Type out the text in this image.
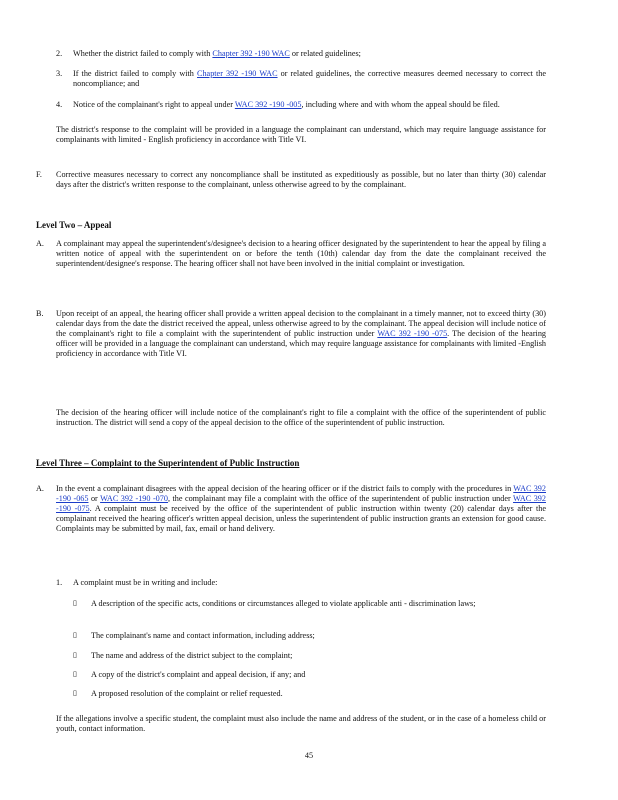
2. Whether the district failed to comply with Chapter 392 -190 WAC or related guidelines;

3. If the district failed to comply with Chapter 392 -190 WAC or related guidelines, the corrective measures deemed necessary to correct the noncompliance; and

4. Notice of the complainant's right to appeal under WAC 392 -190 -005, including where and with whom the appeal should be filed.

The district's response to the complaint will be provided in a language the complainant can understand, which may require language assistance for complainants with limited - English proficiency in accordance with Title VI.

F. Corrective measures necessary to correct any noncompliance shall be instituted as expeditiously as possible, but no later than thirty (30) calendar days after the district's written response to the complainant, unless otherwise agreed to by the complainant.

Level Two – Appeal
A. A complainant may appeal the superintendent's/designee's decision to a hearing officer designated by the superintendent to hear the appeal by filing a written notice of appeal with the superintendent on or before the tenth (10th) calendar day from the date the complainant received the superintendent/designee's response. The hearing officer shall not have been involved in the initial complaint or investigation.

B. Upon receipt of an appeal, the hearing officer shall provide a written appeal decision to the complainant in a timely manner, not to exceed thirty (30) calendar days from the date the district received the appeal, unless otherwise agreed to by the complainant. The appeal decision will include notice of the complainant's right to file a complaint with the superintendent of public instruction under WAC 392 -190 -075. The decision of the hearing officer will be provided in a language the complainant can understand, which may require language assistance for complainants with limited -English proficiency in accordance with Title VI.

The decision of the hearing officer will include notice of the complainant's right to file a complaint with the office of the superintendent of public instruction. The district will send a copy of the appeal decision to the office of the superintendent of public instruction.

Level Three – Complaint to the Superintendent of Public Instruction
A. In the event a complainant disagrees with the appeal decision of the hearing officer or if the district fails to comply with the procedures in WAC 392 -190 -065 or WAC 392 -190 -070, the complainant may file a complaint with the office of the superintendent of public instruction under WAC 392 -190 -075. A complaint must be received by the office of the superintendent of public instruction within twenty (20) calendar days after the complainant received the hearing officer's written appeal decision, unless the superintendent of public instruction grants an extension for good cause. Complaints may be submitted by mail, fax, email or hand delivery.

1. A complaint must be in writing and include:

▯ A description of the specific acts, conditions or circumstances alleged to violate applicable anti - discrimination laws;

▯ The complainant's name and contact information, including address;

▯ The name and address of the district subject to the complaint;

▯ A copy of the district's complaint and appeal decision, if any; and

▯ A proposed resolution of the complaint or relief requested.

If the allegations involve a specific student, the complaint must also include the name and address of the student, or in the case of a homeless child or youth, contact information.

45
